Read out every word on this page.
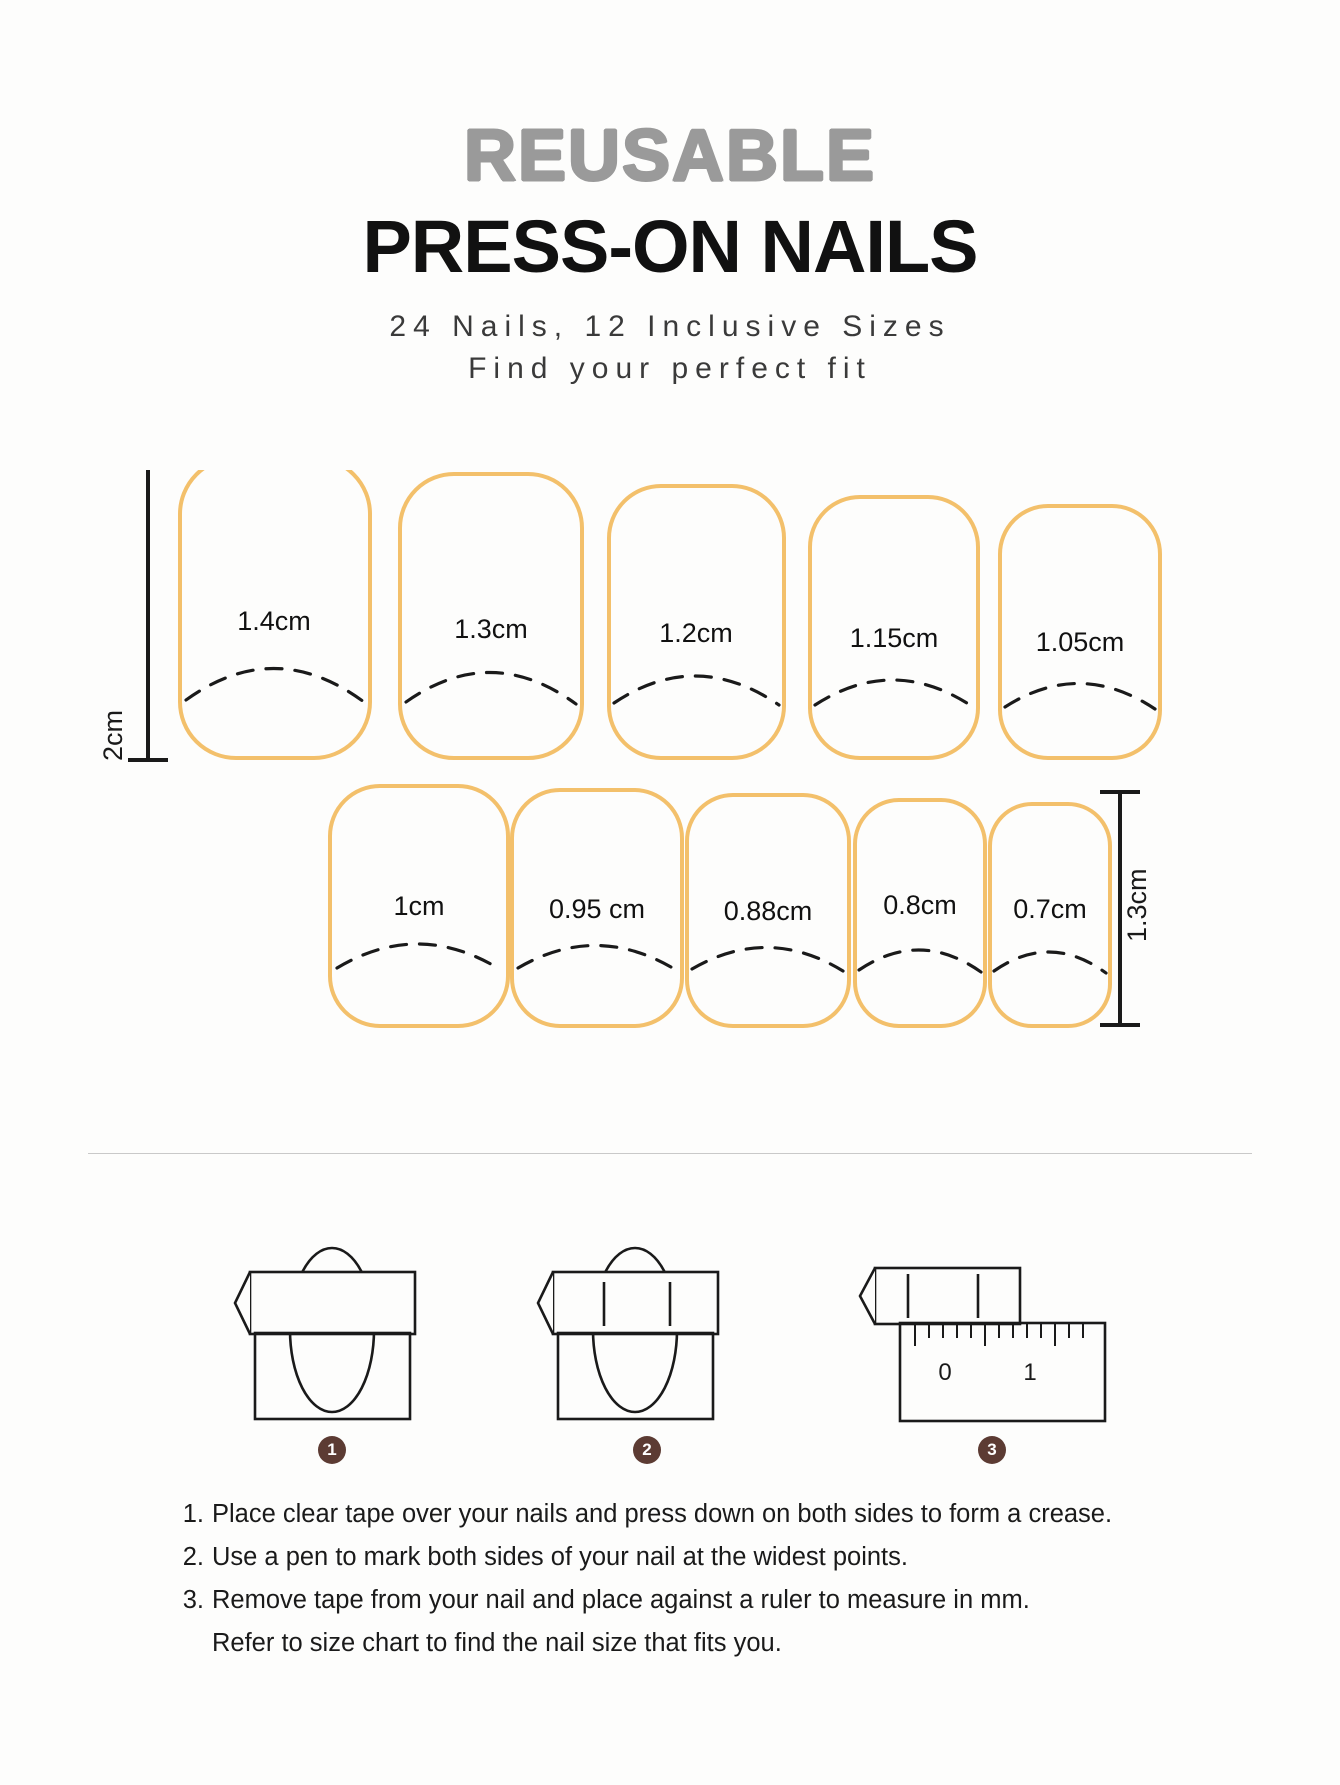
REUSABLE
PRESS-ON NAILS
24 Nails, 12 Inclusive Sizes
Find your perfect fit
1.4cm	1.3cm	1.2cm	1.15cm	1.05cm
1cm	0.95 cm	0.88cm	0.8cm 0.7cm
2cm
1.3cm
0	1
1	2	3
1. Place clear tape over your nails and press down on both sides to form a crease.
2. Use a pen to mark both sides of your nail at the widest points.
3. Remove tape from your nail and place against a ruler to measure in mm.
Refer to size chart to find the nail size that fits you.
